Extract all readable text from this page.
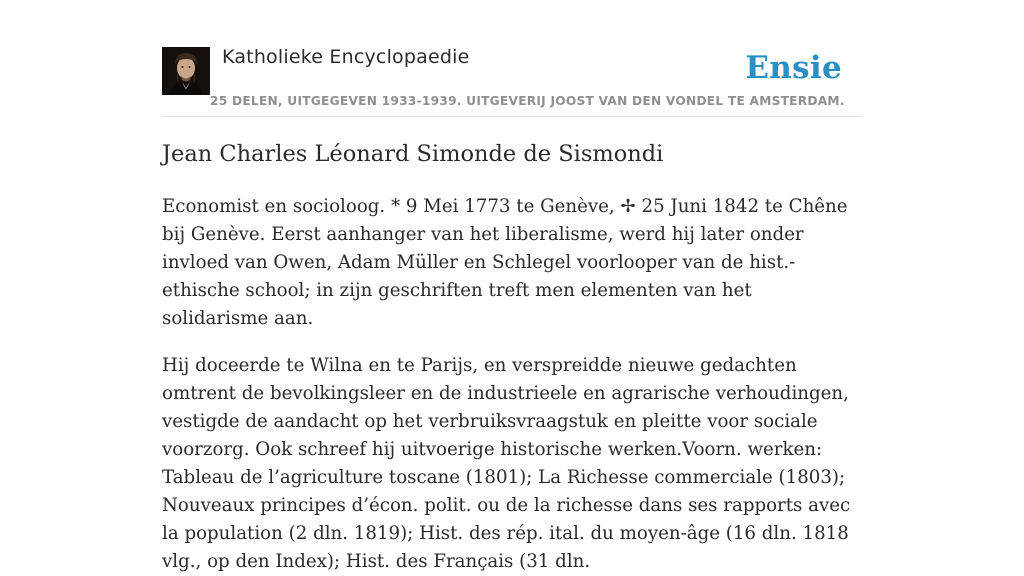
Katholieke Encyclopaedie	Ensie
25 DELEN, UITGEGEVEN 1933-1939. UITGEVERIJ JOOST VAN DEN VONDEL TE AMSTERDAM.
Jean Charles Léonard Simonde de Sismondi

Economist en socioloog. * 9 Mei 1773 te Genève, ✢ 25 Juni 1842 te Chêne bij Genève. Eerst aanhanger van het liberalisme, werd hij later onder invloed van Owen, Adam Müller en Schlegel voorlooper van de hist.-ethische school; in zijn geschriften treft men elementen van het solidarisme aan.

Hij doceerde te Wilna en te Parijs, en verspreidde nieuwe gedachten omtrent de bevolkingsleer en de industrieele en agrarische verhoudingen, vestigde de aandacht op het verbruiksvraagstuk en pleitte voor sociale voorzorg. Ook schreef hij uitvoerige historische werken.Voorn. werken: Tableau de l’agriculture toscane (1801); La Richesse commerciale (1803); Nouveaux principes d’écon. polit. ou de la richesse dans ses rapports avec la population (2 dln. 1819); Hist. des rép. ital. du moyen-âge (16 dln. 1818 vlg., op den Index); Hist. des Français (31 dln.
